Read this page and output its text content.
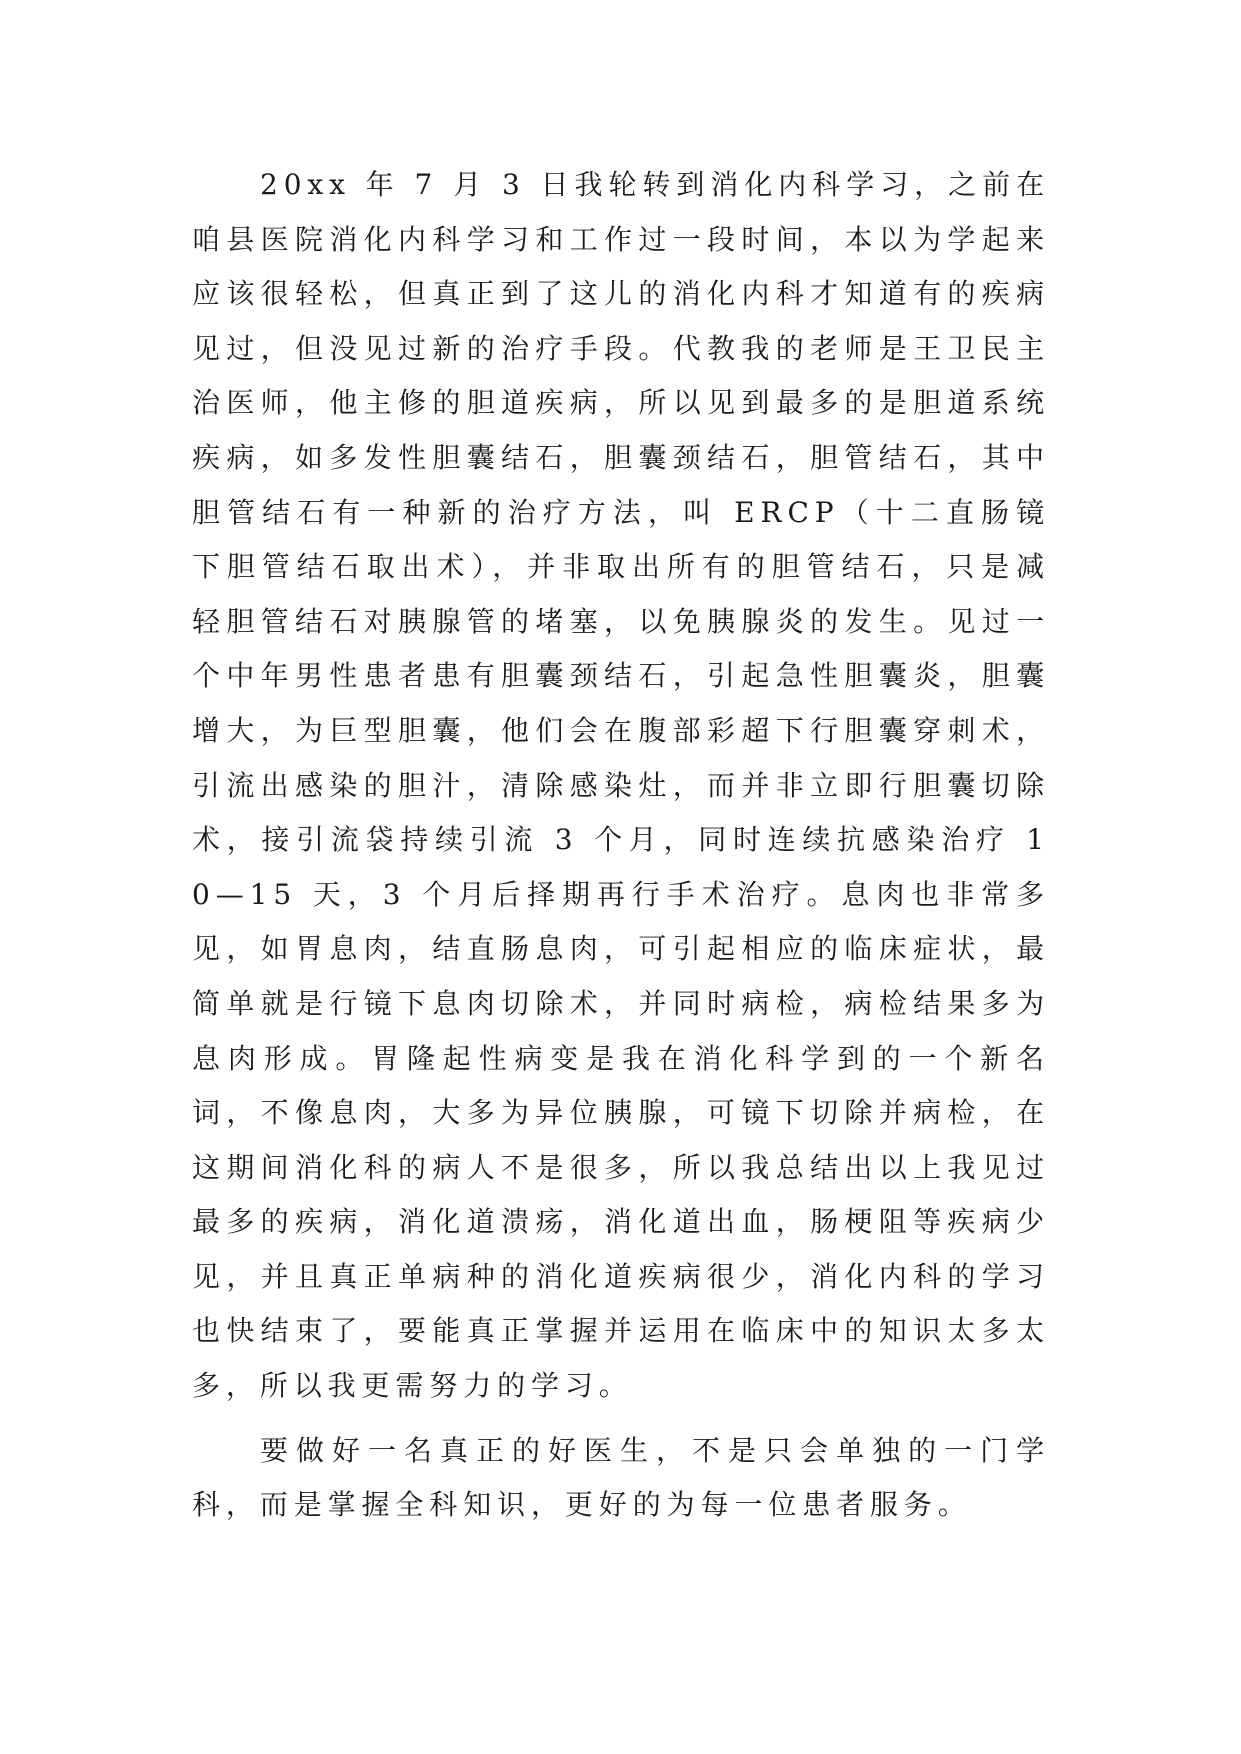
20xx 年 7 月 3 日我轮转到消化内科学习，之前在咱县医院消化内科学习和工作过一段时间，本以为学起来应该很轻松，但真正到了这儿的消化内科才知道有的疾病见过，但没见过新的治疗手段。代教我的老师是王卫民主治医师，他主修的胆道疾病，所以见到最多的是胆道系统疾病，如多发性胆囊结石，胆囊颈结石，胆管结石，其中胆管结石有一种新的治疗方法，叫 ERCP（十二直肠镜下胆管结石取出术），并非取出所有的胆管结石，只是减轻胆管结石对胰腺管的堵塞，以免胰腺炎的发生。见过一个中年男性患者患有胆囊颈结石，引起急性胆囊炎，胆囊增大，为巨型胆囊，他们会在腹部彩超下行胆囊穿刺术，引流出感染的胆汁，清除感染灶，而并非立即行胆囊切除术，接引流袋持续引流 3 个月，同时连续抗感染治疗 10—15 天，3 个月后择期再行手术治疗。息肉也非常多见，如胃息肉，结直肠息肉，可引起相应的临床症状，最简单就是行镜下息肉切除术，并同时病检，病检结果多为息肉形成。胃隆起性病变是我在消化科学到的一个新名词，不像息肉，大多为异位胰腺，可镜下切除并病检，在这期间消化科的病人不是很多，所以我总结出以上我见过最多的疾病，消化道溃疡，消化道出血，肠梗阻等疾病少见，并且真正单病种的消化道疾病很少，消化内科的学习也快结束了，要能真正掌握并运用在临床中的知识太多太多，所以我更需努力的学习。

要做好一名真正的好医生，不是只会单独的一门学科，而是掌握全科知识，更好的为每一位患者服务。
